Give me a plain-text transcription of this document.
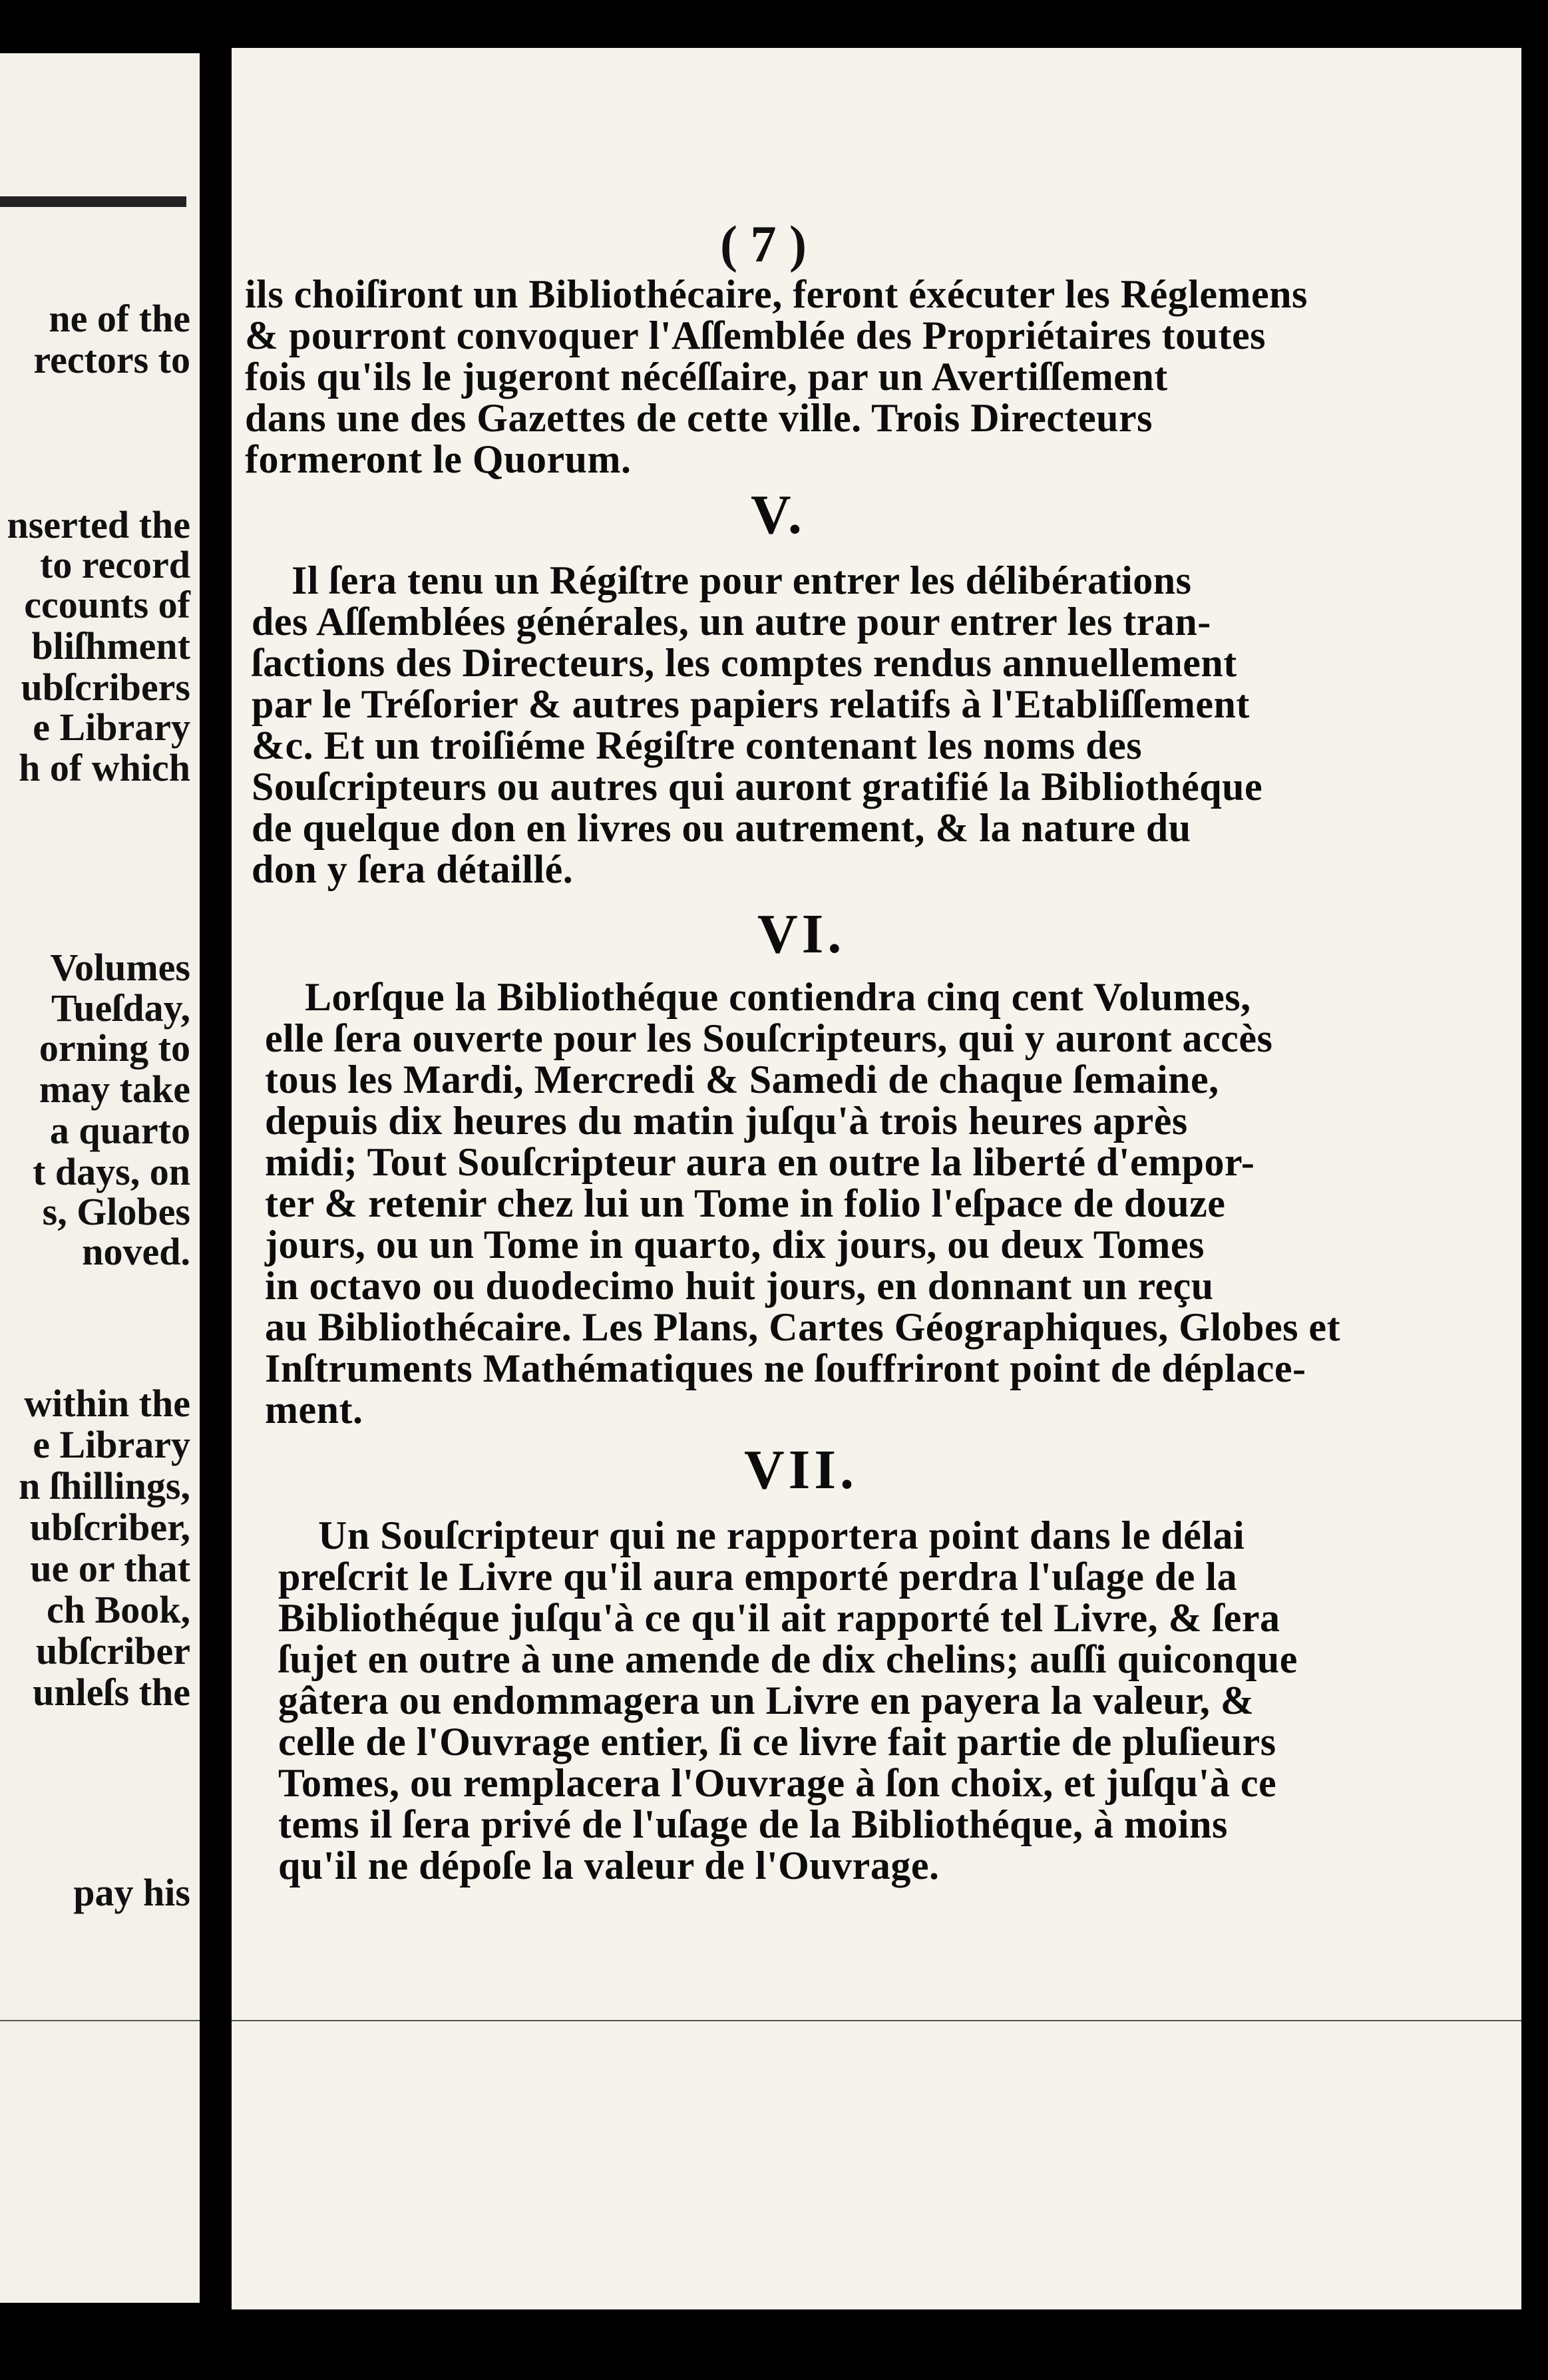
ne of the
rectors to
nserted the
to record
ccounts of
bliſhment
ubſcribers
e Library
h of which
Volumes
Tueſday,
orning to
may take
a quarto
t days, on
s, Globes
noved.
within the
e Library
n ſhillings,
ubſcriber,
ue or that
ch Book,
ubſcriber
unleſs the
pay his
( 7 )
ils choiſiront un Bibliothécaire, feront éxécuter les Réglemens
& pourront convoquer l'Aſſemblée des Propriétaires toutes
fois qu'ils le jugeront nécéſſaire, par un Avertiſſement
dans une des Gazettes de cette ville. Trois Directeurs
formeront le Quorum.
V.
Il ſera tenu un Régiſtre pour entrer les délibérations
des Aſſemblées générales, un autre pour entrer les tran-
ſactions des Directeurs, les comptes rendus annuellement
par le Tréſorier & autres papiers relatifs à l'Etabliſſement
&c. Et un troiſiéme Régiſtre contenant les noms des
Souſcripteurs ou autres qui auront gratifié la Bibliothéque
de quelque don en livres ou autrement, & la nature du
don y ſera détaillé.
VI.
Lorſque la Bibliothéque contiendra cinq cent Volumes,
elle ſera ouverte pour les Souſcripteurs, qui y auront accès
tous les Mardi, Mercredi & Samedi de chaque ſemaine,
depuis dix heures du matin juſqu'à trois heures après
midi; Tout Souſcripteur aura en outre la liberté d'empor-
ter & retenir chez lui un Tome in folio l'eſpace de douze
jours, ou un Tome in quarto, dix jours, ou deux Tomes
in octavo ou duodecimo huit jours, en donnant un reçu
au Bibliothécaire. Les Plans, Cartes Géographiques, Globes et
Inſtruments Mathématiques ne ſouffriront point de déplace-
ment.
VII.
Un Souſcripteur qui ne rapportera point dans le délai
preſcrit le Livre qu'il aura emporté perdra l'uſage de la
Bibliothéque juſqu'à ce qu'il ait rapporté tel Livre, & ſera
ſujet en outre à une amende de dix chelins; auſſi quiconque
gâtera ou endommagera un Livre en payera la valeur, &
celle de l'Ouvrage entier, ſi ce livre fait partie de pluſieurs
Tomes, ou remplacera l'Ouvrage à ſon choix, et juſqu'à ce
tems il ſera privé de l'uſage de la Bibliothéque, à moins
qu'il ne dépoſe la valeur de l'Ouvrage.
